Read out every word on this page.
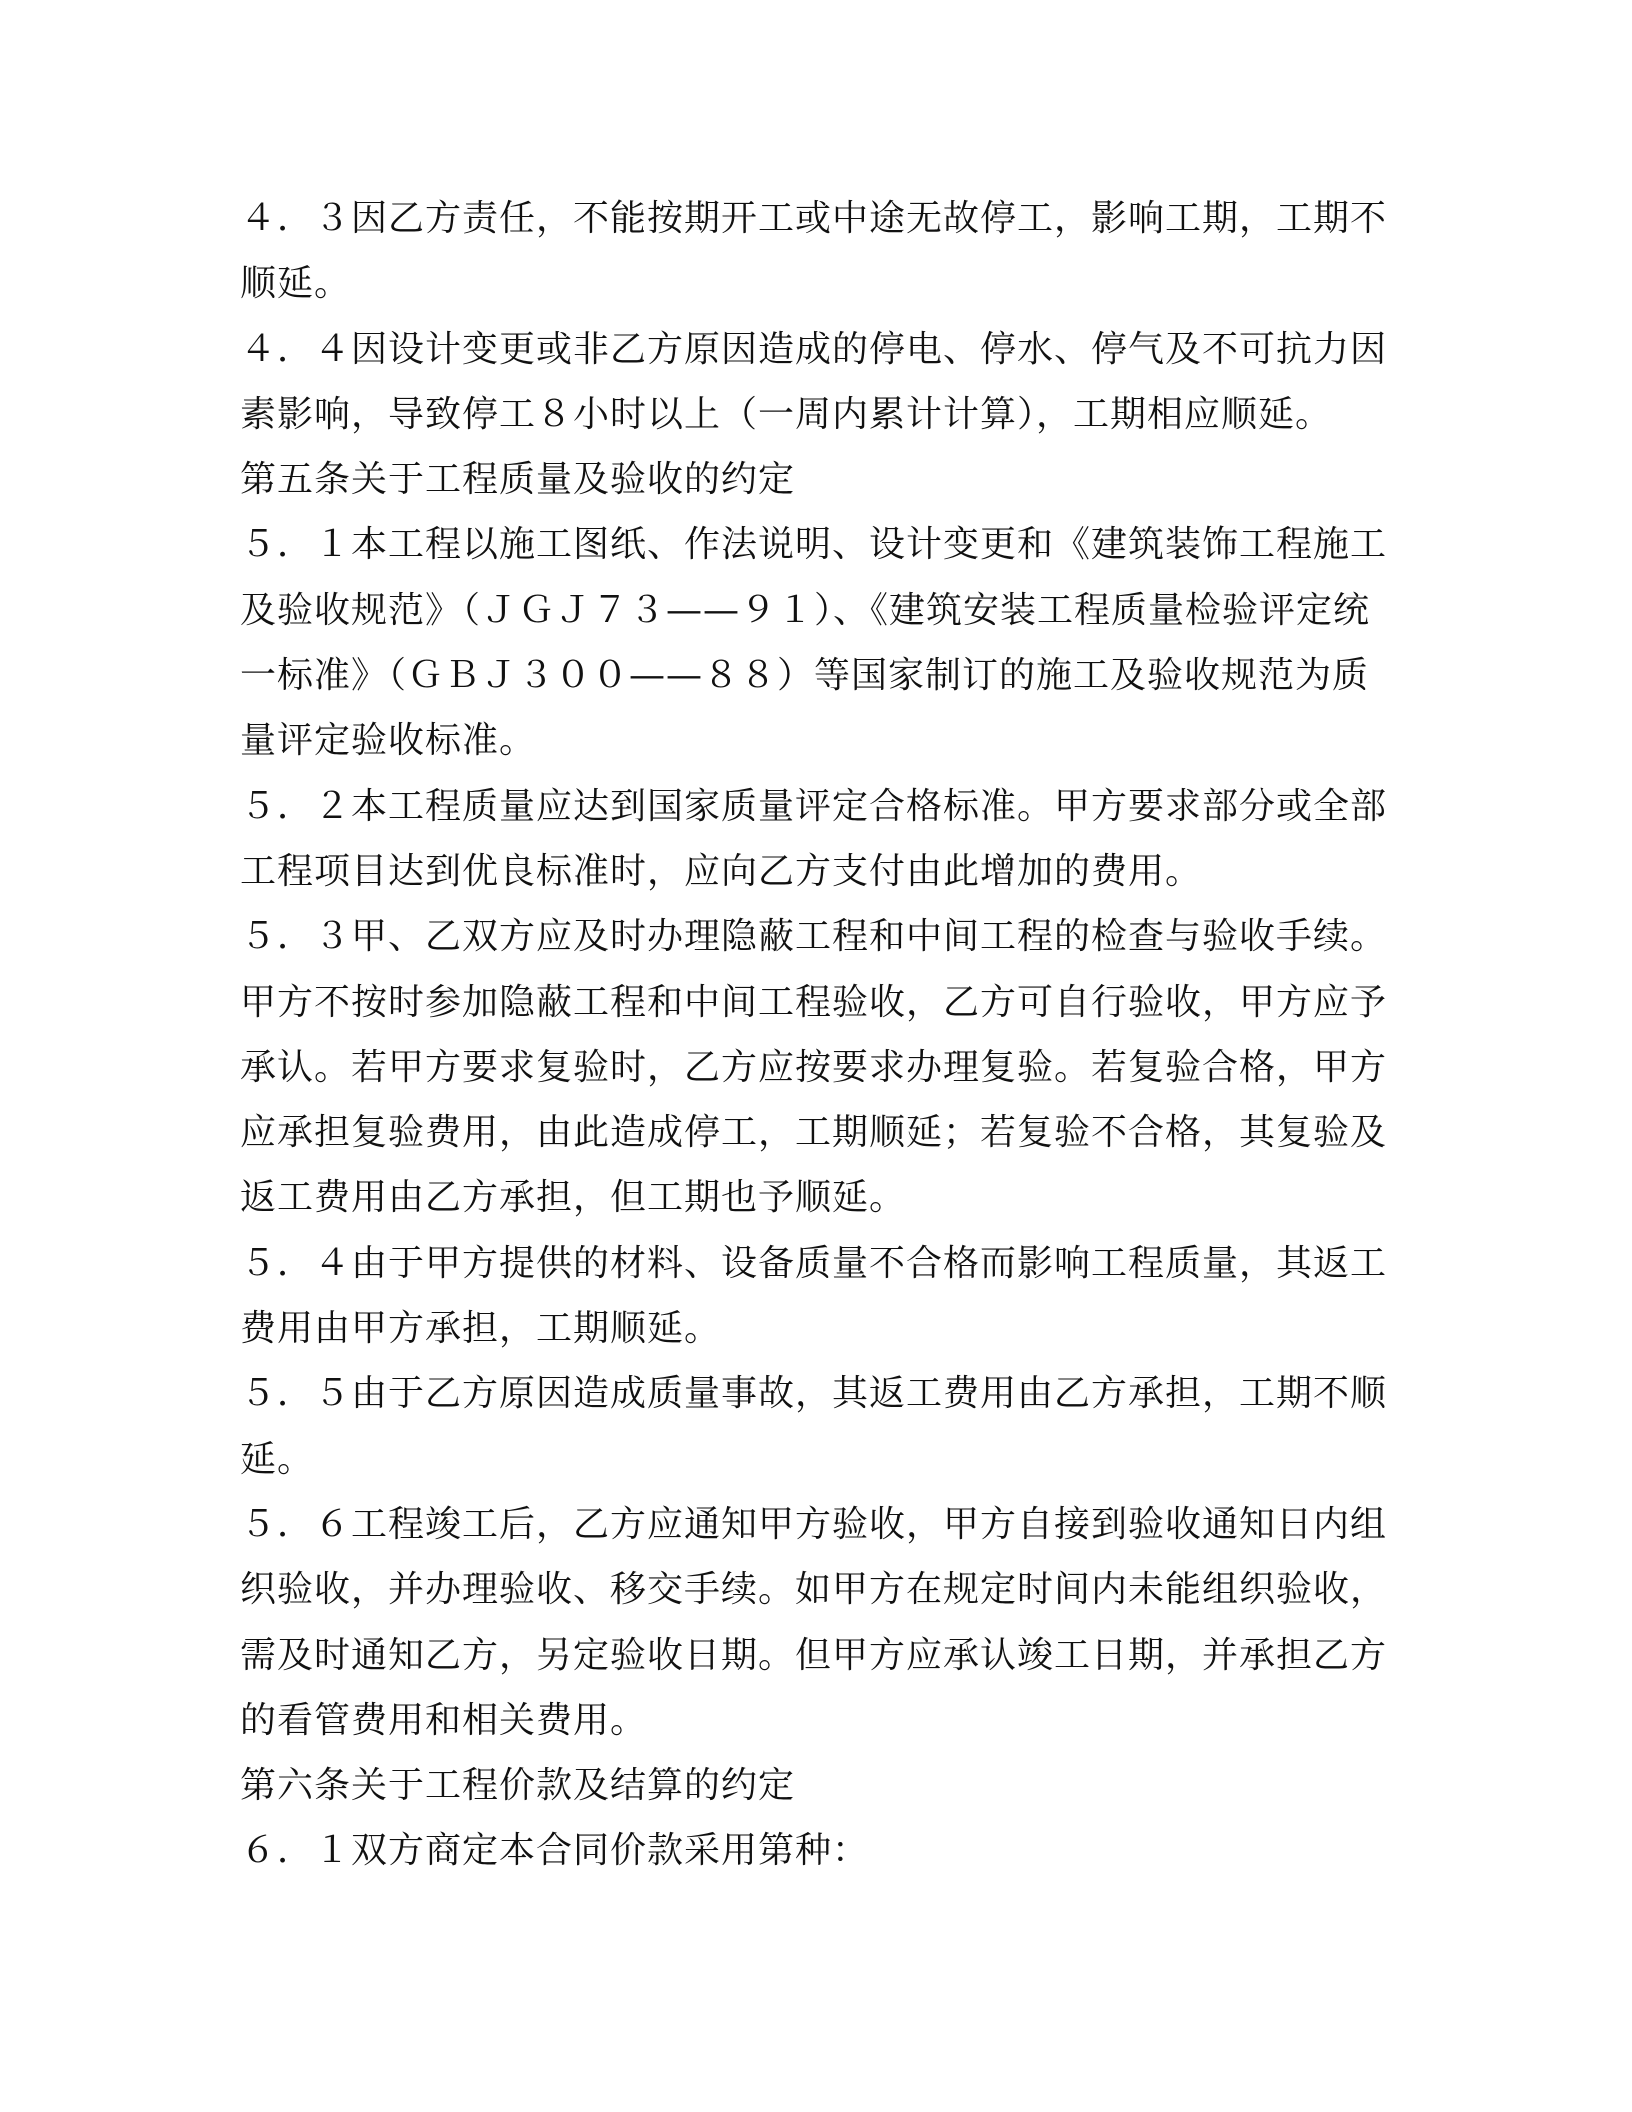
４．３因乙方责任，不能按期开工或中途无故停工，影响工期，工期不顺延。

４．４因设计变更或非乙方原因造成的停电、停水、停气及不可抗力因素影响，导致停工８小时以上（一周内累计计算），工期相应顺延。

第五条关于工程质量及验收的约定

５．１本工程以施工图纸、作法说明、设计变更和《建筑装饰工程施工及验收规范》（ＪＧＪ７３——９１）、《建筑安装工程质量检验评定统一标准》（ＧＢＪ３００——８８）等国家制订的施工及验收规范为质量评定验收标准。

５．２本工程质量应达到国家质量评定合格标准。甲方要求部分或全部工程项目达到优良标准时，应向乙方支付由此增加的费用。

５．３甲、乙双方应及时办理隐蔽工程和中间工程的检查与验收手续。甲方不按时参加隐蔽工程和中间工程验收，乙方可自行验收，甲方应予承认。若甲方要求复验时，乙方应按要求办理复验。若复验合格，甲方应承担复验费用，由此造成停工，工期顺延；若复验不合格，其复验及返工费用由乙方承担，但工期也予顺延。

５．４由于甲方提供的材料、设备质量不合格而影响工程质量，其返工费用由甲方承担，工期顺延。

５．５由于乙方原因造成质量事故，其返工费用由乙方承担，工期不顺延。

５．６工程竣工后，乙方应通知甲方验收，甲方自接到验收通知日内组织验收，并办理验收、移交手续。如甲方在规定时间内未能组织验收，需及时通知乙方，另定验收日期。但甲方应承认竣工日期，并承担乙方的看管费用和相关费用。

第六条关于工程价款及结算的约定

６．１双方商定本合同价款采用第种：
